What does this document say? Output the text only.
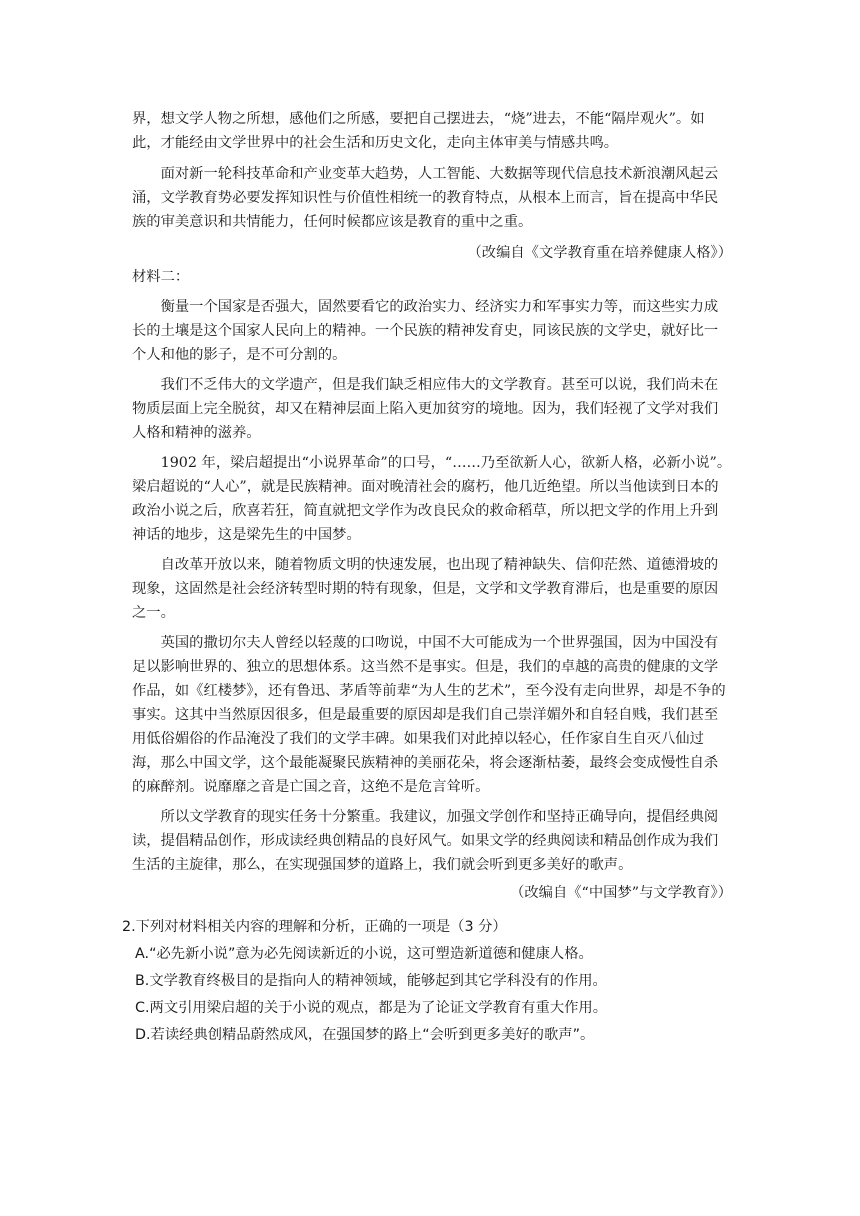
界，想文学人物之所想，感他们之所感，要把自己摆进去，“烧”进去，不能“隔岸观火”。如此，才能经由文学世界中的社会生活和历史文化，走向主体审美与情感共鸣。

面对新一轮科技革命和产业变革大趋势，人工智能、大数据等现代信息技术新浪潮风起云涌，文学教育势必要发挥知识性与价值性相统一的教育特点，从根本上而言，旨在提高中华民族的审美意识和共情能力，任何时候都应该是教育的重中之重。

（改编自《文学教育重在培养健康人格》）

材料二：

衡量一个国家是否强大，固然要看它的政治实力、经济实力和军事实力等，而这些实力成长的土壤是这个国家人民向上的精神。一个民族的精神发育史，同该民族的文学史，就好比一个人和他的影子，是不可分割的。

我们不乏伟大的文学遗产，但是我们缺乏相应伟大的文学教育。甚至可以说，我们尚未在物质层面上完全脱贫，却又在精神层面上陷入更加贫穷的境地。因为，我们轻视了文学对我们人格和精神的滋养。

1902 年，梁启超提出“小说界革命”的口号，“……乃至欲新人心，欲新人格，必新小说”。梁启超说的“人心”，就是民族精神。面对晚清社会的腐朽，他几近绝望。所以当他读到日本的政治小说之后，欣喜若狂，简直就把文学作为改良民众的救命稻草，所以把文学的作用上升到神话的地步，这是梁先生的中国梦。

自改革开放以来，随着物质文明的快速发展，也出现了精神缺失、信仰茫然、道德滑坡的现象，这固然是社会经济转型时期的特有现象，但是，文学和文学教育滞后，也是重要的原因之一。

英国的撒切尔夫人曾经以轻蔑的口吻说，中国不大可能成为一个世界强国，因为中国没有足以影响世界的、独立的思想体系。这当然不是事实。但是，我们的卓越的高贵的健康的文学作品，如《红楼梦》，还有鲁迅、茅盾等前辈“为人生的艺术”，至今没有走向世界，却是不争的事实。这其中当然原因很多，但是最重要的原因却是我们自己崇洋媚外和自轻自贱，我们甚至用低俗媚俗的作品淹没了我们的文学丰碑。如果我们对此掉以轻心，任作家自生自灭八仙过海，那么中国文学，这个最能凝聚民族精神的美丽花朵，将会逐渐枯萎，最终会变成慢性自杀的麻醉剂。说靡靡之音是亡国之音，这绝不是危言耸听。

所以文学教育的现实任务十分繁重。我建议，加强文学创作和坚持正确导向，提倡经典阅读，提倡精品创作，形成读经典创精品的良好风气。如果文学的经典阅读和精品创作成为我们生活的主旋律，那么，在实现强国梦的道路上，我们就会听到更多美好的歌声。

（改编自《“中国梦”与文学教育》）

2.下列对材料相关内容的理解和分析，正确的一项是（3 分）

A.“必先新小说”意为必先阅读新近的小说，这可塑造新道德和健康人格。

B.文学教育终极目的是指向人的精神领域，能够起到其它学科没有的作用。

C.两文引用梁启超的关于小说的观点，都是为了论证文学教育有重大作用。

D.若读经典创精品蔚然成风，在强国梦的路上“会听到更多美好的歌声”。
